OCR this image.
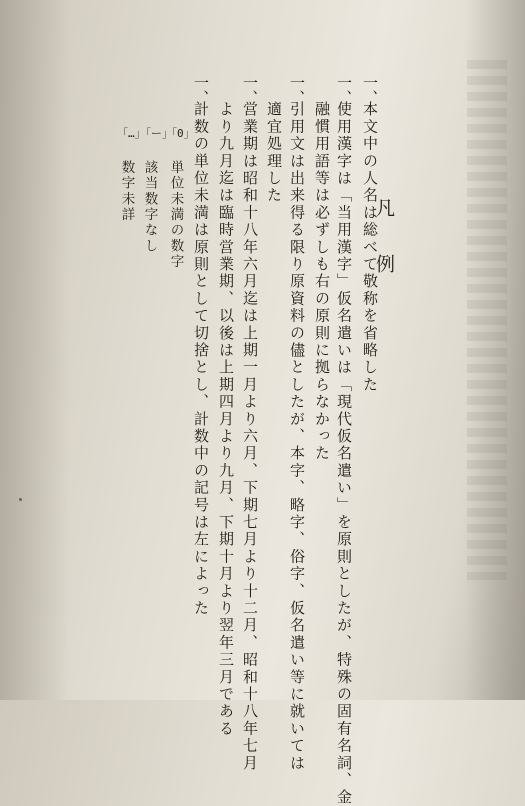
凡
例
一、
本文中の人名は総べて敬称を省略した
一、
使用漢字は「当用漢字」仮名遣いは「現代仮名遣い」を原則としたが、特殊の固有名詞、金
融慣用語等は必ずしも右の原則に拠らなかった
一、
引用文は出来得る限り原資料の儘としたが、本字、略字、俗字、仮名遣い等に就いては
適宜処理した
一、
営業期は昭和十八年六月迄は上期一月より六月、下期七月より十二月、昭和十八年七月
より九月迄は臨時営業期、以後は上期四月より九月、下期十月より翌年三月である
一、
計数の単位未満は原則として切捨とし、計数中の記号は左によった
「0」
単位未満の数字
「ー」
該当数字なし
「…」
数字未詳
